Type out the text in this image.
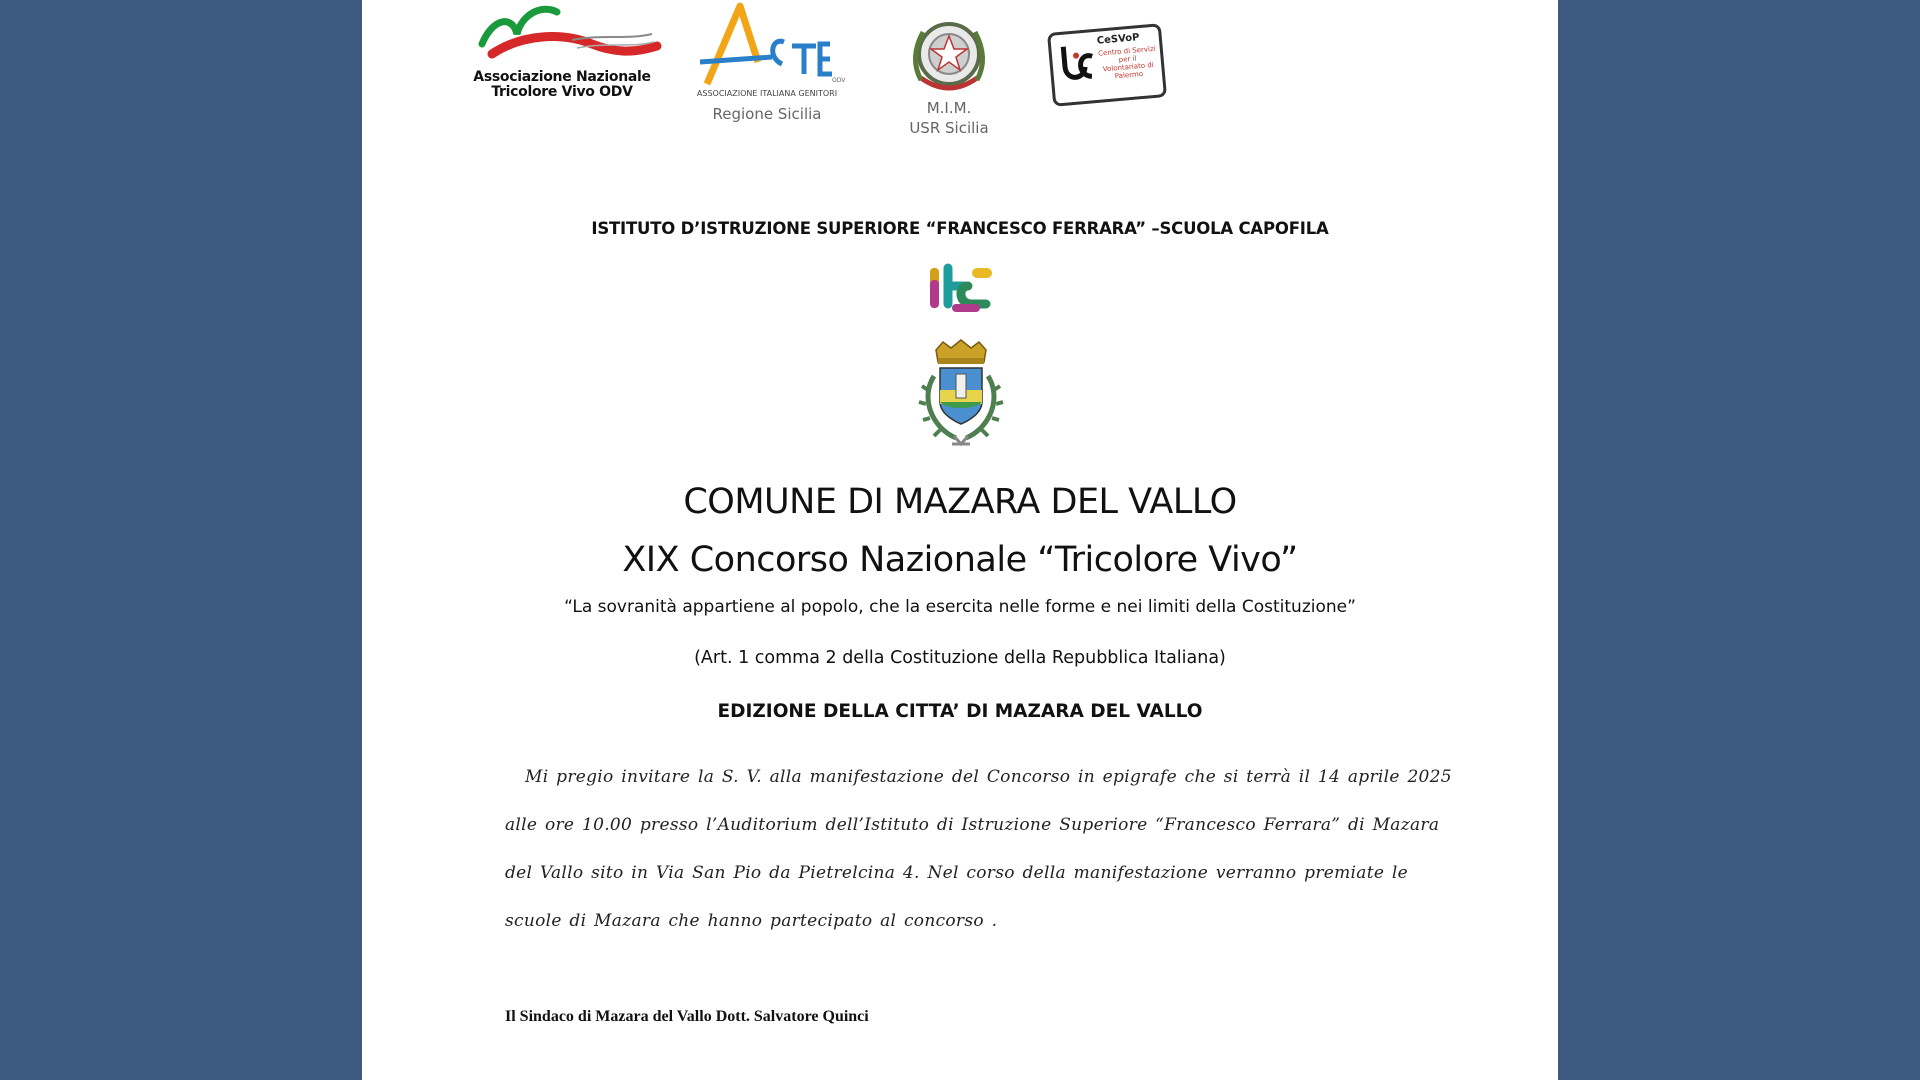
Associazione Nazionale
Tricolore Vivo ODV
ODV
ASSOCIAZIONE ITALIANA GENITORI
Regione Sicilia	M.I.M.
USR Sicilia
CeSVoP
Centro di Servizi per il Volontariato di Palermo
ISTITUTO D’ISTRUZIONE SUPERIORE “FRANCESCO FERRARA” –SCUOLA CAPOFILA
COMUNE DI MAZARA DEL VALLO
XIX Concorso Nazionale “Tricolore Vivo”
“La sovranità appartiene al popolo, che la esercita nelle forme e nei limiti della Costituzione”
(Art. 1 comma 2 della Costituzione della Repubblica Italiana)
EDIZIONE DELLA CITTA’ DI MAZARA DEL VALLO
Mi pregio invitare la S. V. alla manifestazione del Concorso in epigrafe che si terrà il 14 aprile 2025 alle ore 10.00 presso l’Auditorium dell’Istituto di Istruzione Superiore “Francesco Ferrara” di Mazara del Vallo sito in Via San Pio da Pietrelcina 4. Nel corso della manifestazione verranno premiate le scuole di Mazara che hanno partecipato al concorso .
Il Sindaco di Mazara del Vallo Dott. Salvatore Quinci
